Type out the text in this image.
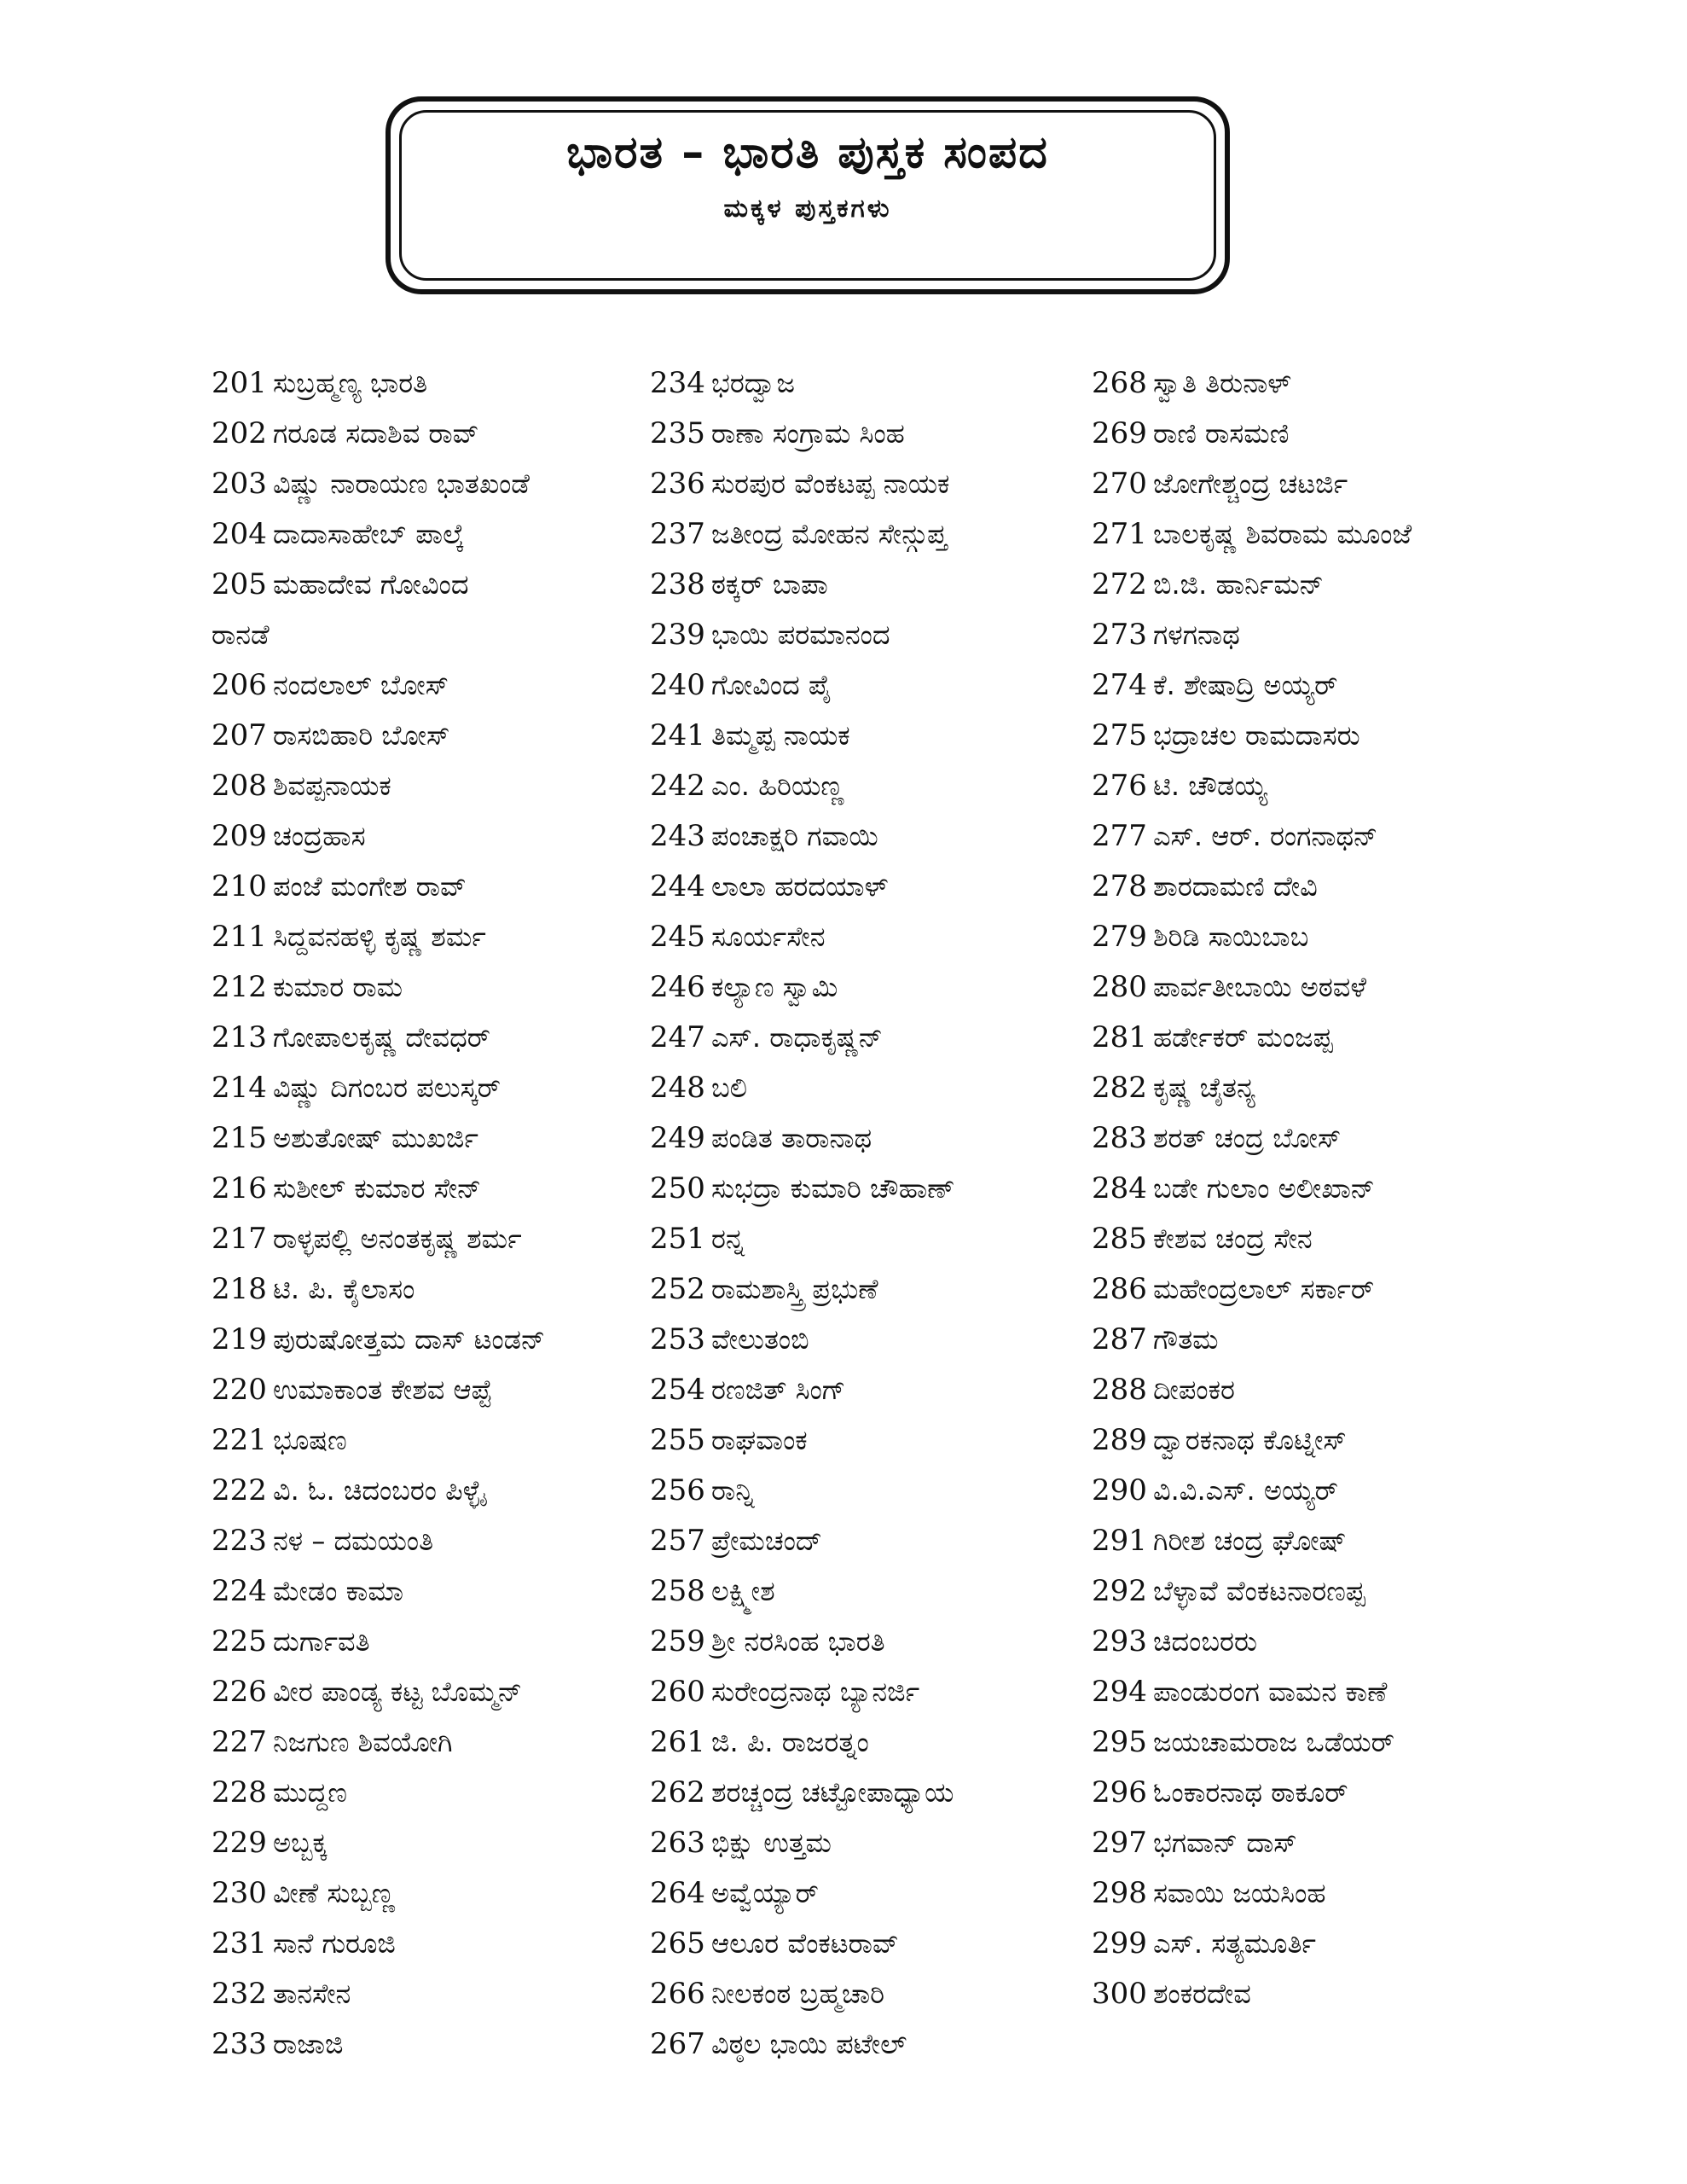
ಭಾರತ – ಭಾರತಿ ಪುಸ್ತಕ ಸಂಪದ
ಮಕ್ಕಳ ಪುಸ್ತಕಗಳು
201 ಸುಬ್ರಹ್ಮಣ್ಯ ಭಾರತಿ
202 ಗರೂಡ ಸದಾಶಿವ ರಾವ್
203 ವಿಷ್ಣು ನಾರಾಯಣ ಭಾತಖಂಡೆ
204 ದಾದಾಸಾಹೇಬ್ ಪಾಲ್ಕೆ
205 ಮಹಾದೇವ ಗೋವಿಂದ
206 ನಂದಲಾಲ್ ಬೋಸ್
207 ರಾಸಬಿಹಾರಿ ಬೋಸ್
208 ಶಿವಪ್ಪನಾಯಕ
209 ಚಂದ್ರಹಾಸ
210 ಪಂಜೆ ಮಂಗೇಶ ರಾವ್
211 ಸಿದ್ದವನಹಳ್ಳಿ ಕೃಷ್ಣ ಶರ್ಮ
212 ಕುಮಾರ ರಾಮ
213 ಗೋಪಾಲಕೃಷ್ಣ ದೇವಧರ್
214 ವಿಷ್ಣು ದಿಗಂಬರ ಪಲುಸ್ಕರ್
215 ಅಶುತೋಷ್ ಮುಖರ್ಜಿ
216 ಸುಶೀಲ್ ಕುಮಾರ ಸೇನ್
217 ರಾಳ್ಳಪಲ್ಲಿ ಅನಂತಕೃಷ್ಣ ಶರ್ಮ
218 ಟಿ. ಪಿ. ಕೈಲಾಸಂ
219 ಪುರುಷೋತ್ತಮ ದಾಸ್ ಟಂಡನ್
220 ಉಮಾಕಾಂತ ಕೇಶವ ಆಪ್ಟೆ
221 ಭೂಷಣ
222 ವಿ. ಓ. ಚಿದಂಬರಂ ಪಿಳ್ಳೈ
223 ನಳ – ದಮಯಂತಿ
224 ಮೇಡಂ ಕಾಮಾ
225 ದುರ್ಗಾವತಿ
226 ವೀರ ಪಾಂಡ್ಯ ಕಟ್ಟ ಬೊಮ್ಮನ್
227 ನಿಜಗುಣ ಶಿವಯೋಗಿ
228 ಮುದ್ದಣ
229 ಅಬ್ಬಕ್ಕ
230 ವೀಣೆ ಸುಬ್ಬಣ್ಣ
231 ಸಾನೆ ಗುರೂಜಿ
232 ತಾನಸೇನ
233 ರಾಜಾಜಿ
ರಾನಡೆ
234 ಭರದ್ವಾಜ
235 ರಾಣಾ ಸಂಗ್ರಾಮ ಸಿಂಹ
236 ಸುರಪುರ ವೆಂಕಟಪ್ಪ ನಾಯಕ
237 ಜತೀಂದ್ರ ಮೋಹನ ಸೇನ್ಗುಪ್ತ
238 ಠಕ್ಕರ್ ಬಾಪಾ
239 ಭಾಯಿ ಪರಮಾನಂದ
240 ಗೋವಿಂದ ಪೈ
241 ತಿಮ್ಮಪ್ಪ ನಾಯಕ
242 ಎಂ. ಹಿರಿಯಣ್ಣ
243 ಪಂಚಾಕ್ಷರಿ ಗವಾಯಿ
244 ಲಾಲಾ ಹರದಯಾಳ್
245 ಸೂರ್ಯಸೇನ
246 ಕಲ್ಯಾಣ ಸ್ವಾಮಿ
247 ಎಸ್. ರಾಧಾಕೃಷ್ಣನ್
248 ಬಲಿ
249 ಪಂಡಿತ ತಾರಾನಾಥ
250 ಸುಭದ್ರಾ ಕುಮಾರಿ ಚೌಹಾಣ್
251 ರನ್ನ
252 ರಾಮಶಾಸ್ತ್ರಿ ಪ್ರಭುಣೆ
253 ವೇಲುತಂಬಿ
254 ರಣಜಿತ್ ಸಿಂಗ್
255 ರಾಘವಾಂಕ
256 ರಾನ್ನಿ
257 ಪ್ರೇಮಚಂದ್
258 ಲಕ್ಷ್ಮೀಶ
259 ಶ್ರೀ ನರಸಿಂಹ ಭಾರತಿ
260 ಸುರೇಂದ್ರನಾಥ ಬ್ಯಾನರ್ಜಿ
261 ಜಿ. ಪಿ. ರಾಜರತ್ನಂ
262 ಶರಚ್ಚಂದ್ರ ಚಟ್ಟೋಪಾಧ್ಯಾಯ
263 ಭಿಕ್ಷು ಉತ್ತಮ
264 ಅವ್ವೆಯ್ಯಾರ್
265 ಆಲೂರ ವೆಂಕಟರಾವ್
266 ನೀಲಕಂಠ ಬ್ರಹ್ಮಚಾರಿ
267 ವಿಠ್ಠಲ ಭಾಯಿ ಪಟೇಲ್
268 ಸ್ವಾತಿ ತಿರುನಾಳ್
269 ರಾಣಿ ರಾಸಮಣಿ
270 ಜೋಗೇಶ್ಚಂದ್ರ ಚಟರ್ಜಿ
271 ಬಾಲಕೃಷ್ಣ ಶಿವರಾಮ ಮೂಂಜೆ
272 ಬಿ.ಜಿ. ಹಾರ್ನಿಮನ್
273 ಗಳಗನಾಥ
274 ಕೆ. ಶೇಷಾದ್ರಿ ಅಯ್ಯರ್
275 ಭದ್ರಾಚಲ ರಾಮದಾಸರು
276 ಟಿ. ಚೌಡಯ್ಯ
277 ಎಸ್. ಆರ್. ರಂಗನಾಥನ್
278 ಶಾರದಾಮಣಿ ದೇವಿ
279 ಶಿರಿಡಿ ಸಾಯಿಬಾಬ
280 ಪಾರ್ವತೀಬಾಯಿ ಅಠವಳೆ
281 ಹರ್ಡೇಕರ್ ಮಂಜಪ್ಪ
282 ಕೃಷ್ಣ ಚೈತನ್ಯ
283 ಶರತ್ ಚಂದ್ರ ಬೋಸ್
284 ಬಡೇ ಗುಲಾಂ ಅಲೀಖಾನ್
285 ಕೇಶವ ಚಂದ್ರ ಸೇನ
286 ಮಹೇಂದ್ರಲಾಲ್ ಸರ್ಕಾರ್
287 ಗೌತಮ
288 ದೀಪಂಕರ
289 ದ್ವಾರಕನಾಥ ಕೊಟ್ನೀಸ್
290 ವಿ.ವಿ.ಎಸ್. ಅಯ್ಯರ್
291 ಗಿರೀಶ ಚಂದ್ರ ಘೋಷ್
292 ಬೆಳ್ಳಾವೆ ವೆಂಕಟನಾರಣಪ್ಪ
293 ಚಿದಂಬರರು
294 ಪಾಂಡುರಂಗ ವಾಮನ ಕಾಣೆ
295 ಜಯಚಾಮರಾಜ ಒಡೆಯರ್
296 ಓಂಕಾರನಾಥ ಠಾಕೂರ್
297 ಭಗವಾನ್ ದಾಸ್
298 ಸವಾಯಿ ಜಯಸಿಂಹ
299 ಎಸ್. ಸತ್ಯಮೂರ್ತಿ
300 ಶಂಕರದೇವ
